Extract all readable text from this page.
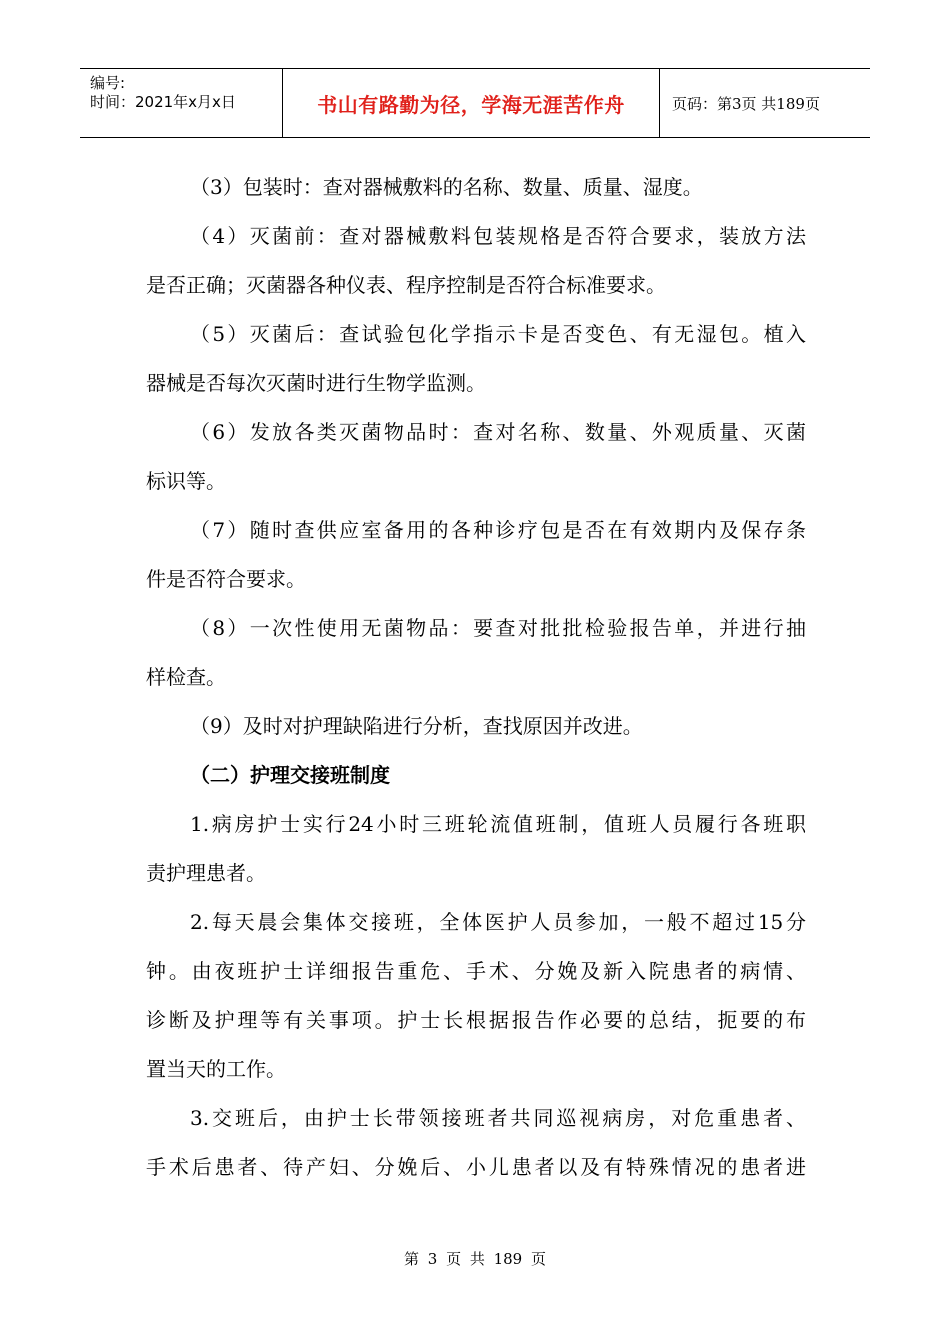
编号:
时间：2021年x月x日	书山有路勤为径，学海无涯苦作舟	页码：第3页 共189页
（3）包装时：查对器械敷料的名称、数量、质量、湿度。
（4）灭菌前：查对器械敷料包装规格是否符合要求，装放方法
是否正确；灭菌器各种仪表、程序控制是否符合标准要求。
（5）灭菌后：查试验包化学指示卡是否变色、有无湿包。植入
器械是否每次灭菌时进行生物学监测。
（6）发放各类灭菌物品时：查对名称、数量、外观质量、灭菌
标识等。
（7）随时查供应室备用的各种诊疗包是否在有效期内及保存条
件是否符合要求。
（8）一次性使用无菌物品：要查对批批检验报告单，并进行抽
样检查。
（9）及时对护理缺陷进行分析，查找原因并改进。
（二）护理交接班制度
1.病房护士实行24小时三班轮流值班制，值班人员履行各班职
责护理患者。
2.每天晨会集体交接班，全体医护人员参加，一般不超过15分
钟。由夜班护士详细报告重危、手术、分娩及新入院患者的病情、
诊断及护理等有关事项。护士长根据报告作必要的总结，扼要的布
置当天的工作。
3.交班后，由护士长带领接班者共同巡视病房，对危重患者、
手术后患者、待产妇、分娩后、小儿患者以及有特殊情况的患者进
第 3 页 共 189 页
